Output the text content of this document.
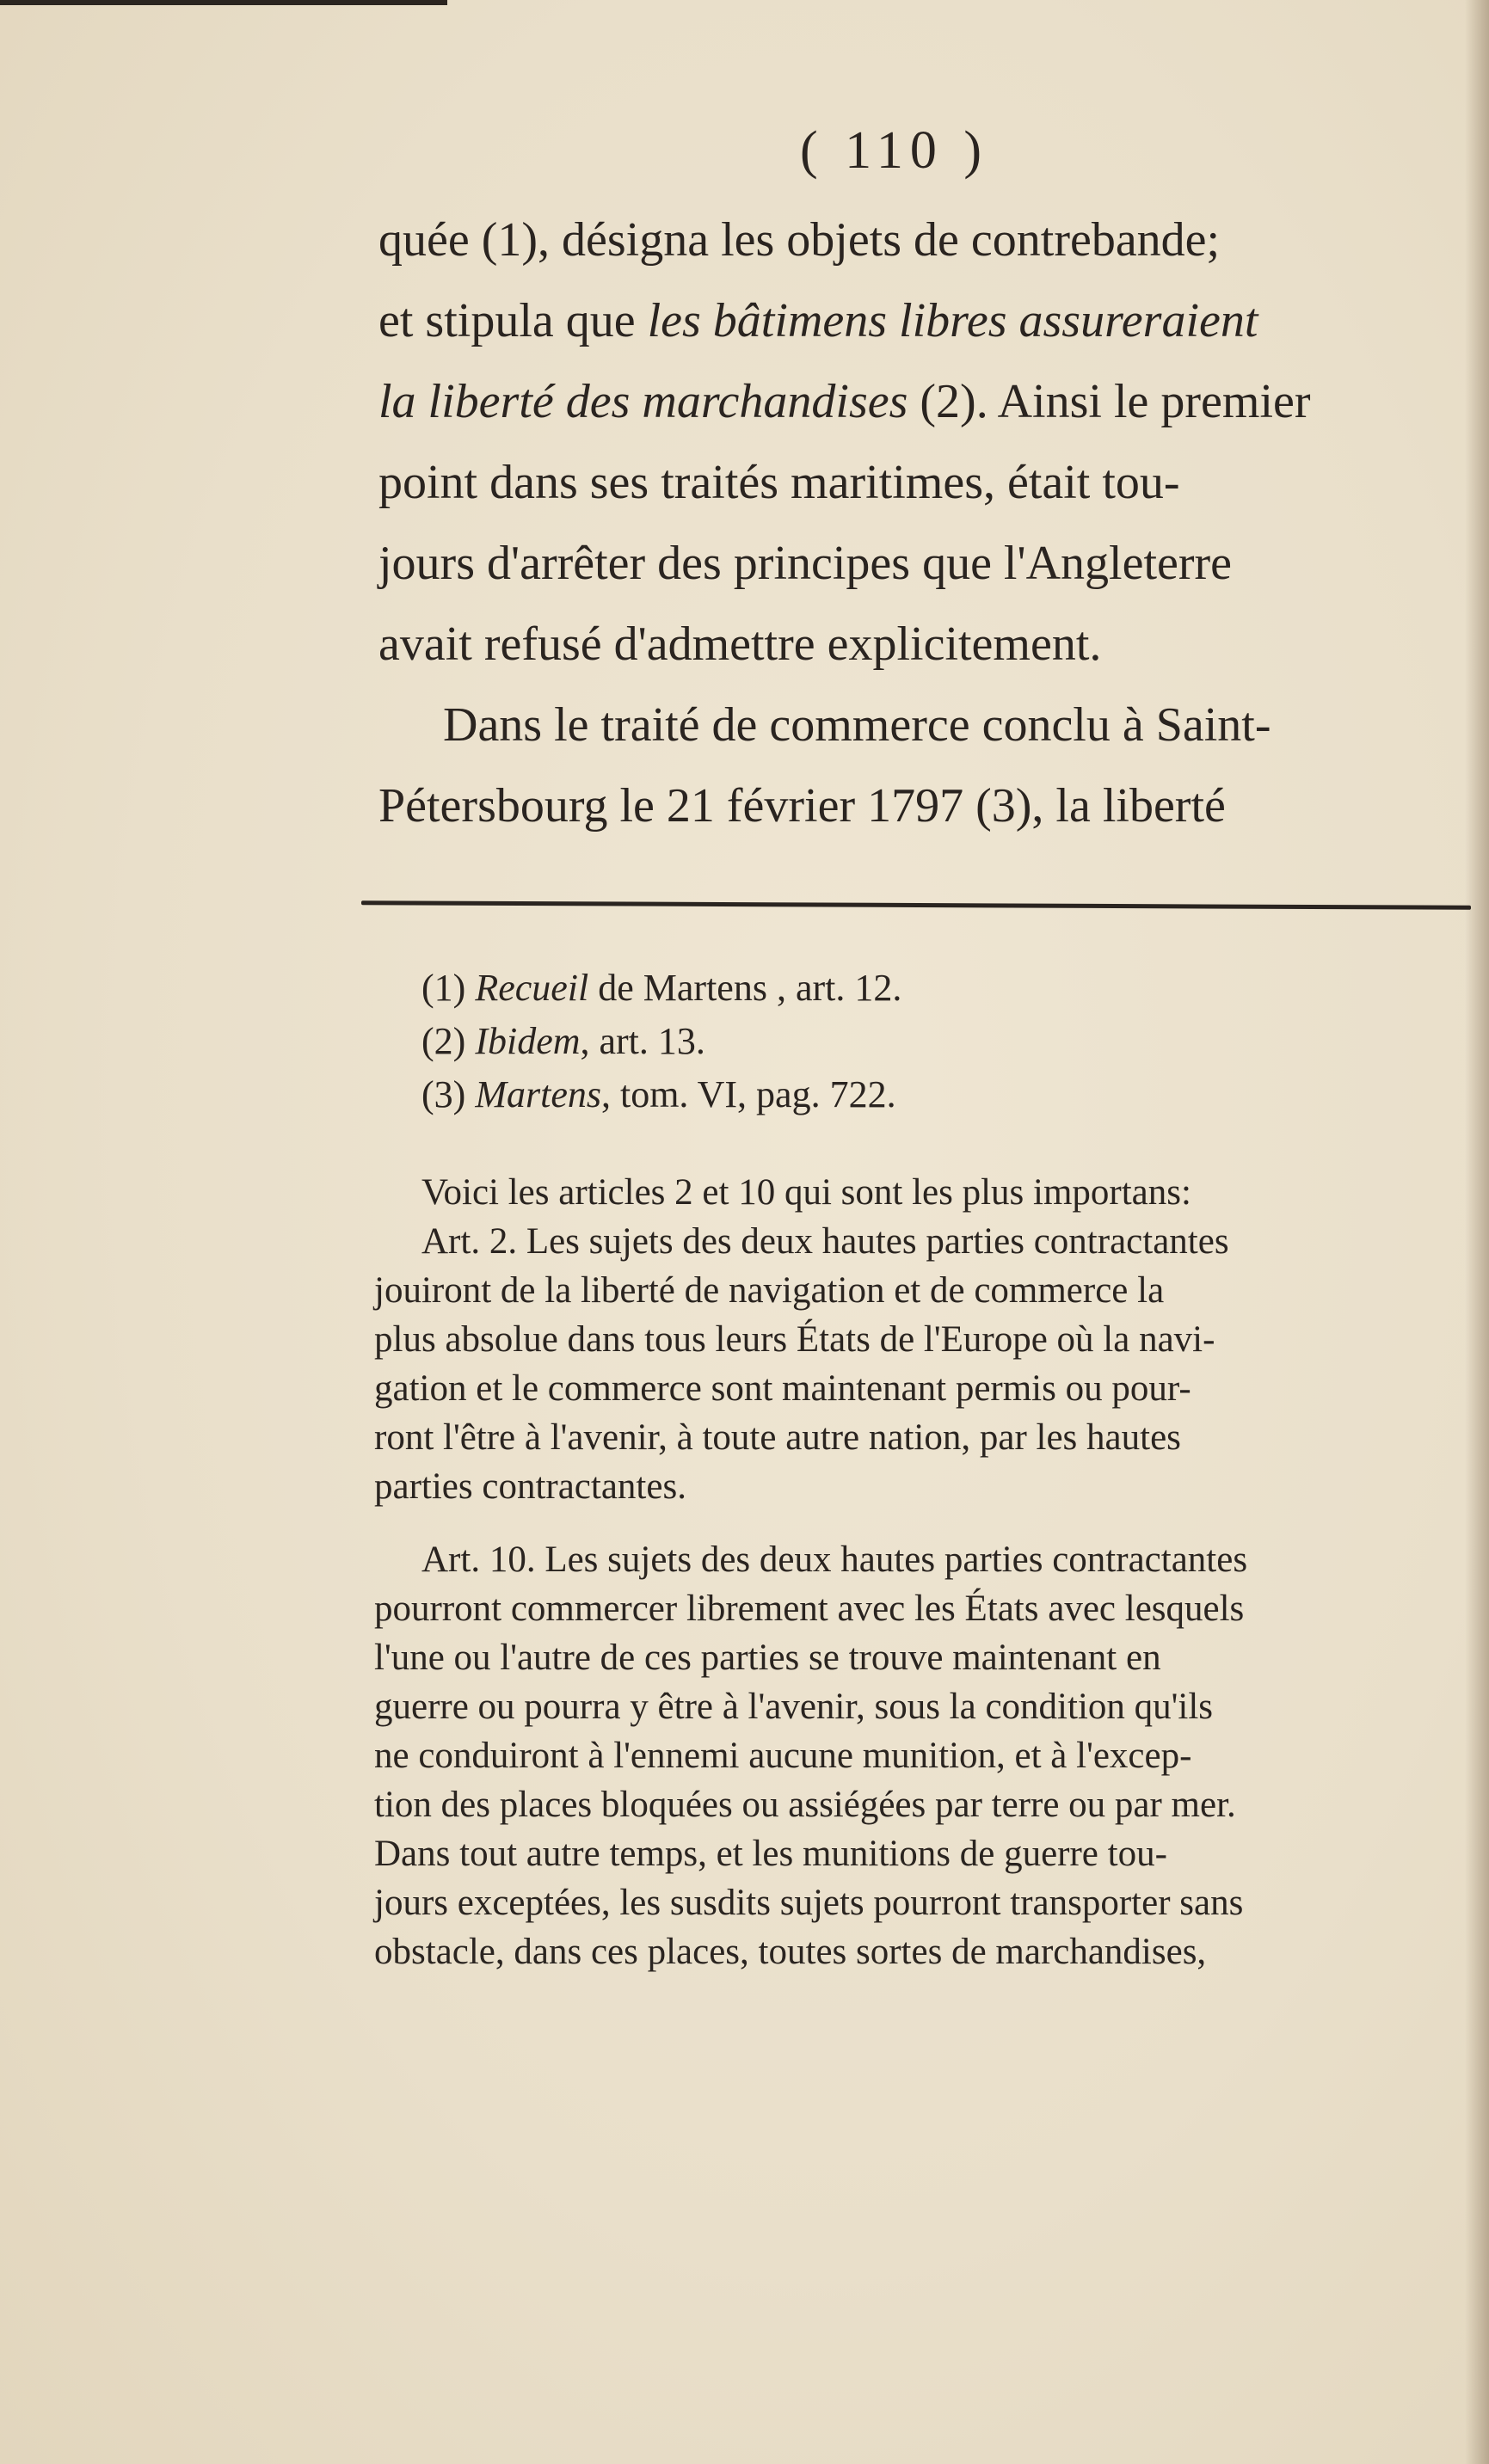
( 110 )
quée (1), désigna les objets de contrebande;
et stipula que les bâtimens libres assureraient
la liberté des marchandises (2). Ainsi le premier
point dans ses traités maritimes, était tou-
jours d'arrêter des principes que l'Angleterre
avait refusé d'admettre explicitement.
Dans le traité de commerce conclu à Saint-
Pétersbourg le 21 février 1797 (3), la liberté
(1) Recueil de Martens , art. 12.
(2) Ibidem, art. 13.
(3) Martens, tom. VI, pag. 722.
Voici les articles 2 et 10 qui sont les plus importans:
Art. 2. Les sujets des deux hautes parties contractantes
jouiront de la liberté de navigation et de commerce la
plus absolue dans tous leurs États de l'Europe où la navi-
gation et le commerce sont maintenant permis ou pour-
ront l'être à l'avenir, à toute autre nation, par les hautes
parties contractantes.
Art. 10. Les sujets des deux hautes parties contractantes
pourront commercer librement avec les États avec lesquels
l'une ou l'autre de ces parties se trouve maintenant en
guerre ou pourra y être à l'avenir, sous la condition qu'ils
ne conduiront à l'ennemi aucune munition, et à l'excep-
tion des places bloquées ou assiégées par terre ou par mer.
Dans tout autre temps, et les munitions de guerre tou-
jours exceptées, les susdits sujets pourront transporter sans
obstacle, dans ces places, toutes sortes de marchandises,
